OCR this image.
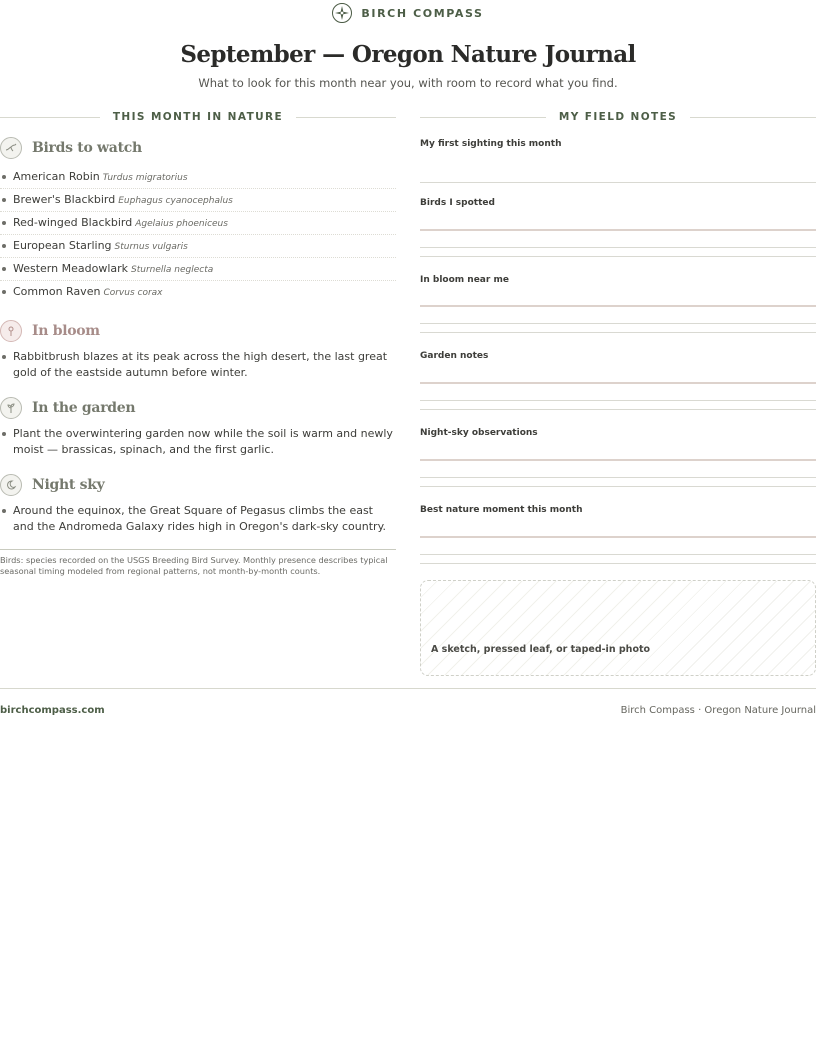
BIRCH COMPASS
September — Oregon Nature Journal
What to look for this month near you, with room to record what you find.
THIS MONTH IN NATURE
Birds to watch
American Robin Turdus migratorius
Brewer's Blackbird Euphagus cyanocephalus
Red-winged Blackbird Agelaius phoeniceus
European Starling Sturnus vulgaris
Western Meadowlark Sturnella neglecta
Common Raven Corvus corax
In bloom
Rabbitbrush blazes at its peak across the high desert, the last great gold of the eastside autumn before winter.
In the garden
Plant the overwintering garden now while the soil is warm and newly moist — brassicas, spinach, and the first garlic.
Night sky
Around the equinox, the Great Square of Pegasus climbs the east and the Andromeda Galaxy rides high in Oregon's dark-sky country.
Birds: species recorded on the USGS Breeding Bird Survey. Monthly presence describes typical seasonal timing modeled from regional patterns, not month-by-month counts.
MY FIELD NOTES
My first sighting this month
Birds I spotted
In bloom near me
Garden notes
Night-sky observations
Best nature moment this month
A sketch, pressed leaf, or taped-in photo
birchcompass.com	Birch Compass · Oregon Nature Journal
